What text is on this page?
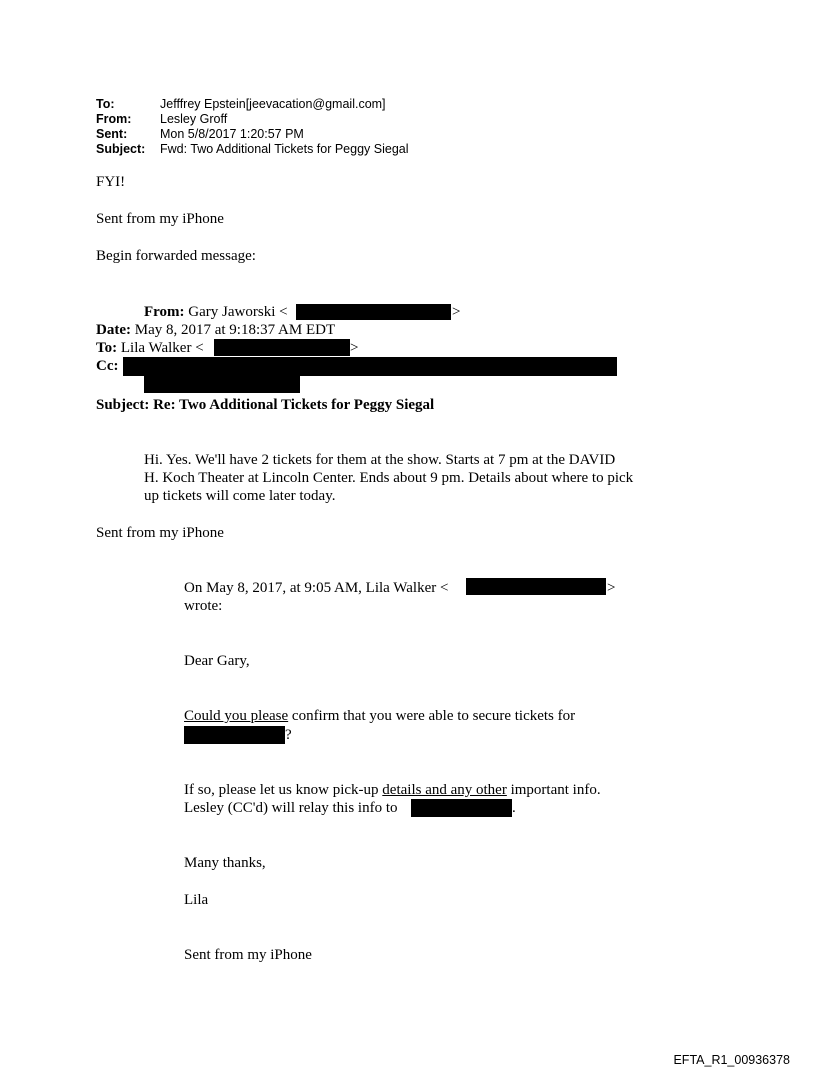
To:	Jefffrey Epstein[jeevacation@gmail.com]
From: Lesley Groff
Sent:	Mon 5/8/2017 1:20:57 PM
Subject: Fwd: Two Additional Tickets for Peggy Siegal
FYI!
Sent from my iPhone
Begin forwarded message:
From: Gary Jaworski <	>
Date: May 8, 2017 at 9:18:37 AM EDT
To: Lila Walker <	>
Cc:
Subject: Re: Two Additional Tickets for Peggy Siegal
Hi. Yes. We'll have 2 tickets for them at the show. Starts at 7 pm at the DAVID
H. Koch Theater at Lincoln Center. Ends about 9 pm. Details about where to pick
up tickets will come later today.
Sent from my iPhone
On May 8, 2017, at 9:05 AM, Lila Walker <	>
wrote:
Dear Gary,
Could you please confirm that you were able to secure tickets for
?
If so, please let us know pick-up details and any other important info.
Lesley (CC'd) will relay this info to	.
Many thanks,
Lila
Sent from my iPhone
EFTA_R1_00936378
